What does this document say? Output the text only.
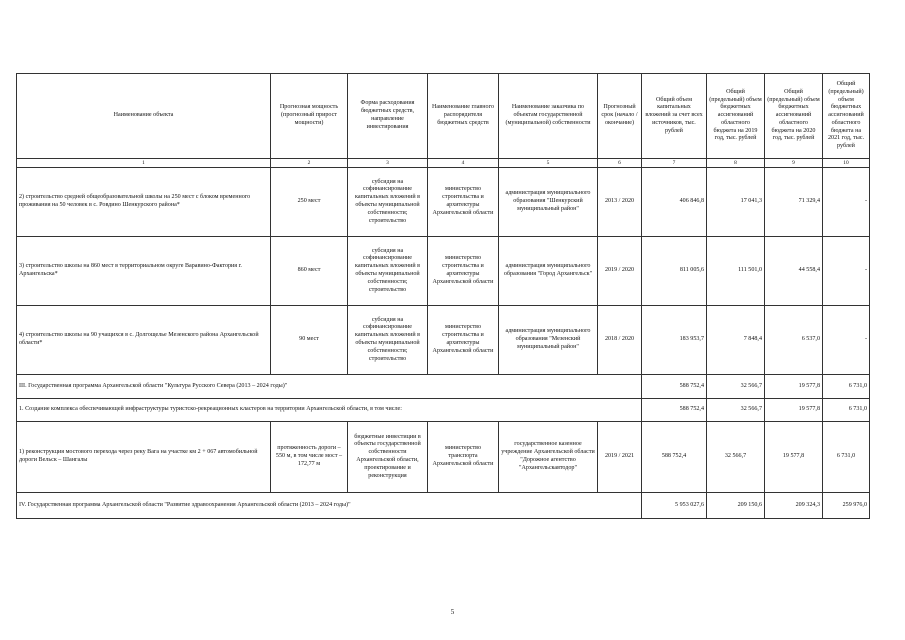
Наименование объекта	Прогнозная мощность (прогнозный прирост мощности)	Форма расходования бюджетных средств, направление инвестирования	Наименование главного распорядителя бюджетных средств	Наименование заказчика по объектам государственной (муниципальной) собственности	Прогнозный срок (начало / окончание)	Общий объем капитальных вложений за счет всех источников, тыс. рублей	Общий (предельный) объем бюджетных ассигнований областного бюджета на 2019 год, тыс. рублей	Общий (предельный) объем бюджетных ассигнований областного бюджета на 2020 год, тыс. рублей	Общий (предельный) объем бюджетных ассигнований областного бюджета на 2021 год, тыс. рублей
1	2	3	4	5	6	7	8	9	10
2) строительство средней общеобразовательной школы на 250 мест с блоком временного проживания на 50 человек в с. Ровдино Шенкурского района*	250 мест	субсидия на софинансирование капитальных вложений в объекты муниципальной собственности; строительство	министерство строительства и архитектуры Архангельской области	администрация муниципального образования "Шенкурский муниципальный район"	2013 / 2020	406 846,8	17 041,3	71 329,4	-
3) строительство школы на 860 мест в территориальном округе Варавино-Фактория г. Архангельска*	860 мест	субсидия на софинансирование капитальных вложений в объекты муниципальной собственности; строительство	министерство строительства и архитектуры Архангельской области	администрация муниципального образования "Город Архангельск"	2019 / 2020	811 005,6	111 501,0	44 558,4	-
4) строительство школы на 90 учащихся в с. Долгощелье Мезенского района Архангельской области*	90 мест	субсидия на софинансирование капитальных вложений в объекты муниципальной собственности; строительство	министерство строительства и архитектуры Архангельской области	администрация муниципального образования "Мезенский муниципальный район"	2018 / 2020	183 953,7	7 848,4	6 537,0	-
III. Государственная программа Архангельской области "Культура Русского Севера (2013 – 2024 годы)"						588 752,4	32 566,7	19 577,8	6 731,0
1. Создание комплекса обеспечивающей инфраструктуры туристско-рекреационных кластеров на территории Архангельской области, в том числе:						588 752,4	32 566,7	19 577,8	6 731,0
1) реконструкция мостового перехода через реку Вага на участке км 2 + 067 автомобильной дороги Вельск – Шангалы	протяженность дороги – 550 м, в том числе мост – 172,77 м	бюджетные инвестиции в объекты государственной собственности Архангельской области, проектирование и реконструкция	министерство транспорта Архангельской области	государственное казенное учреждение Архангельской области "Дорожное агентство "Архангельскавтодор"	2019 / 2021	588 752,4	32 566,7	19 577,8	6 731,0
IV. Государственная программа Архангельской области "Развитие здравоохранения Архангельской области (2013 – 2024 годы)"						5 953 027,6	209 150,6	209 324,3	259 976,0
5
